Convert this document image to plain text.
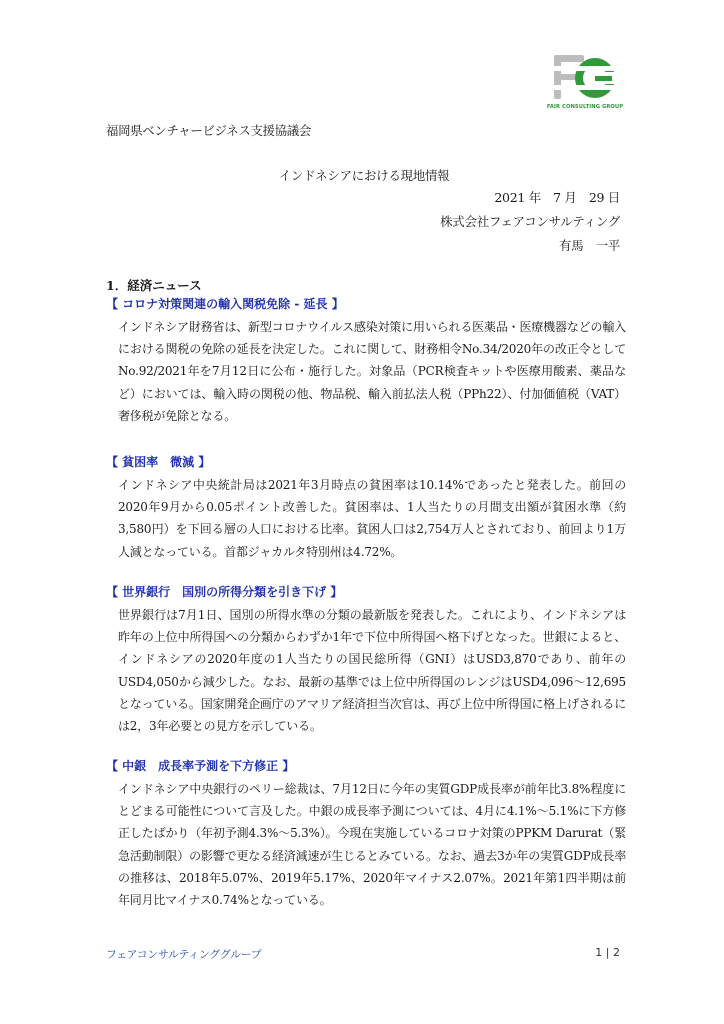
FAIR CONSULTING GROUP
福岡県ベンチャービジネス支援協議会
インドネシアにおける現地情報
2021 年　7 月　29 日
株式会社フェアコンサルティング
有馬　一平
1．経済ニュース
【 コロナ対策関連の輸入関税免除 - 延長 】
インドネシア財務省は、新型コロナウイルス感染対策に用いられる医薬品・医療機器などの輸入における関税の免除の延長を決定した。これに関して、財務相令No.34/2020年の改正令としてNo.92/2021年を7月12日に公布・施行した。対象品（PCR検査キットや医療用酸素、薬品など）においては、輸入時の関税の他、物品税、輸入前払法人税（PPh22）、付加価値税（VAT）奢侈税が免除となる。
【 貧困率　微減 】
インドネシア中央統計局は2021年3月時点の貧困率は10.14%であったと発表した。前回の2020年9月から0.05ポイント改善した。貧困率は、1人当たりの月間支出額が貧困水準（約3,580円）を下回る層の人口における比率。貧困人口は2,754万人とされており、前回より1万人減となっている。首都ジャカルタ特別州は4.72%。
【 世界銀行　国別の所得分類を引き下げ 】
世界銀行は7月1日、国別の所得水準の分類の最新版を発表した。これにより、インドネシアは昨年の上位中所得国への分類からわずか1年で下位中所得国へ格下げとなった。世銀によると、インドネシアの2020年度の1人当たりの国民総所得（GNI）はUSD3,870であり、前年のUSD4,050から減少した。なお、最新の基準では上位中所得国のレンジはUSD4,096〜12,695となっている。国家開発企画庁のアマリア経済担当次官は、再び上位中所得国に格上げされるには2，3年必要との見方を示している。
【 中銀　成長率予測を下方修正 】
インドネシア中央銀行のペリー総裁は、7月12日に今年の実質GDP成長率が前年比3.8%程度にとどまる可能性について言及した。中銀の成長率予測については、4月に4.1%〜5.1%に下方修正したばかり（年初予測4.3%〜5.3%）。今現在実施しているコロナ対策のPPKM Darurat（緊急活動制限）の影響で更なる経済減速が生じるとみている。なお、過去3か年の実質GDP成長率の推移は、2018年5.07%、2019年5.17%、2020年マイナス2.07%。2021年第1四半期は前年同月比マイナス0.74%となっている。
フェアコンサルティンググループ	1 | 2
